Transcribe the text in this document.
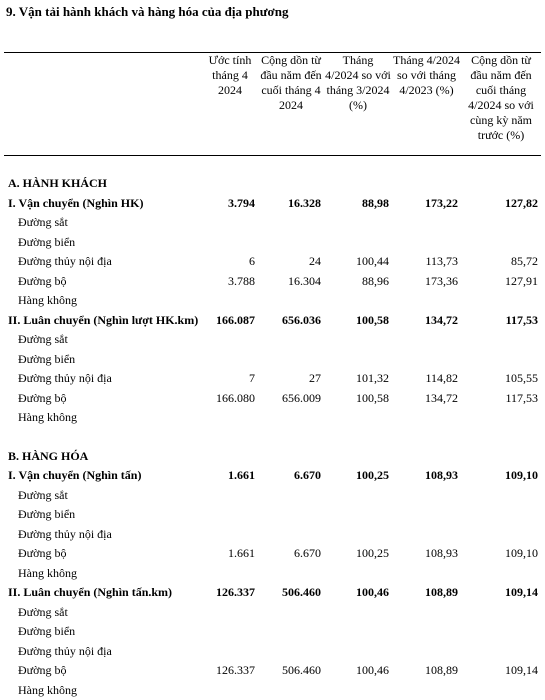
9. Vận tải hành khách và hàng hóa của địa phương
	Ước tính tháng 4 2024	Cộng dồn từ đầu năm đến cuối tháng 4 2024	Tháng 4/2024 so với tháng 3/2024 (%)	Tháng 4/2024 so với tháng 4/2023 (%)	Cộng dồn từ đầu năm đến cuối tháng 4/2024 so với cùng kỳ năm trước (%)

A. HÀNH KHÁCH					
I. Vận chuyển (Nghìn HK)	3.794	16.328	88,98	173,22	127,82
Đường sắt					
Đường biển					
Đường thủy nội địa	6	24	100,44	113,73	85,72
Đường bộ	3.788	16.304	88,96	173,36	127,91
Hàng không					
II. Luân chuyển (Nghìn lượt HK.km)	166.087	656.036	100,58	134,72	117,53
Đường sắt					
Đường biển					
Đường thủy nội địa	7	27	101,32	114,82	105,55
Đường bộ	166.080	656.009	100,58	134,72	117,53
Hàng không					

B. HÀNG HÓA					
I. Vận chuyển (Nghìn tấn)	1.661	6.670	100,25	108,93	109,10
Đường sắt					
Đường biển					
Đường thủy nội địa					
Đường bộ	1.661	6.670	100,25	108,93	109,10
Hàng không					
II. Luân chuyển (Nghìn tấn.km)	126.337	506.460	100,46	108,89	109,14
Đường sắt					
Đường biển					
Đường thủy nội địa					
Đường bộ	126.337	506.460	100,46	108,89	109,14
Hàng không					
